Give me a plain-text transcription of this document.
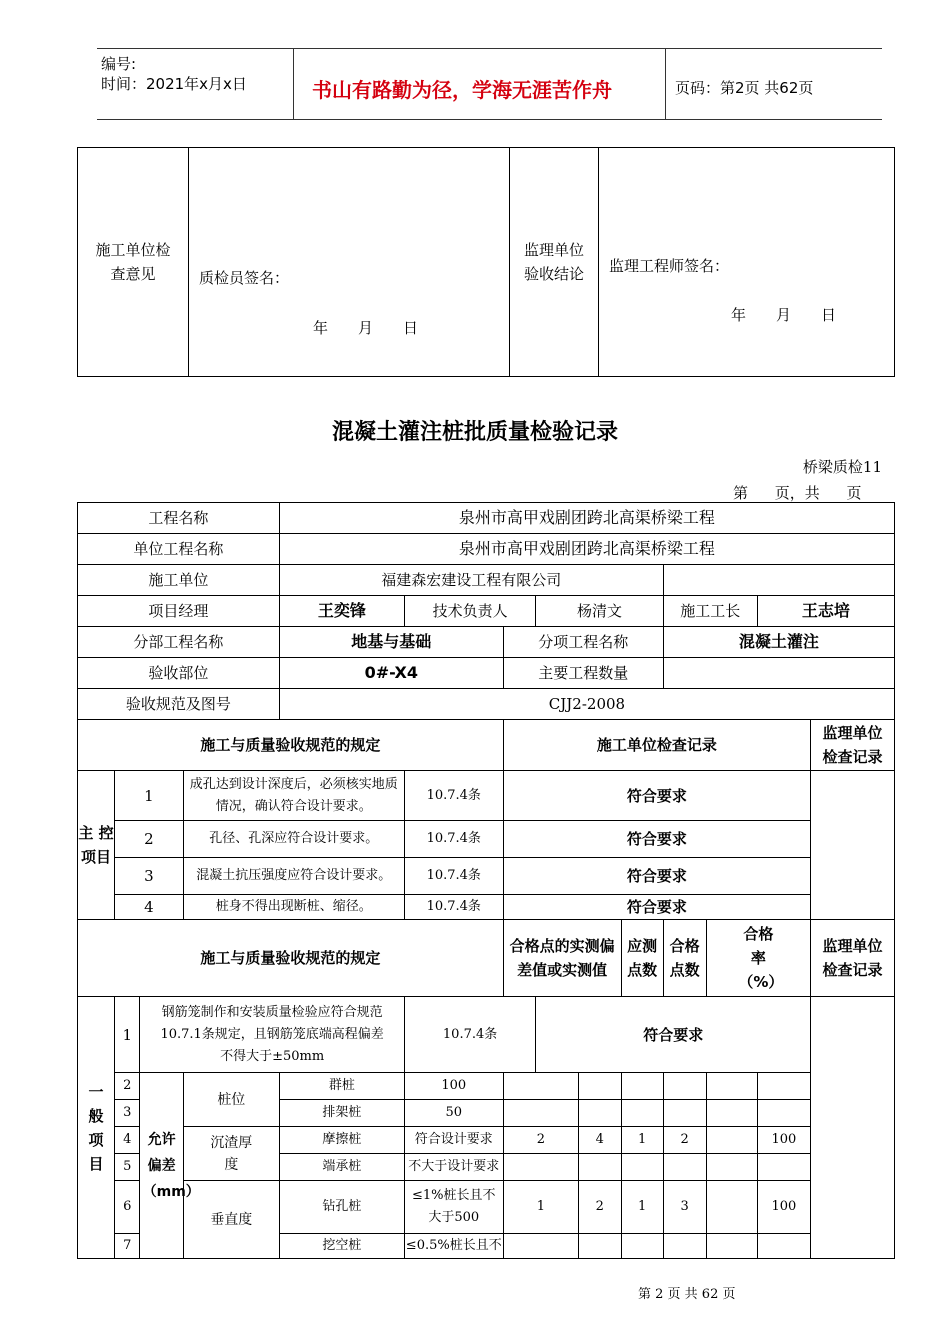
编号:
时间：2021年x月x日	书山有路勤为径，学海无涯苦作舟	页码：第2页 共62页
施工单位检查意见	质检员签名：
年　　月　　日

监理单位验收结论	监理工程师签名：
年　　月　　日
混凝土灌注桩批质量检验记录
桥梁质检11
第 页，共 页
工程名称				泉州市高甲戏剧团跨北高渠桥梁工程									
单位工程名称				泉州市高甲戏剧团跨北高渠桥梁工程									
施工单位				福建森宏建设工程有限公司									
项目经理				王奕锋	技术负责人		杨清文			施工工长		王志培	
分部工程名称				地基与基础		分项工程名称				混凝土灌注			
验收部位				0#-X4		主要工程数量							
验收规范及图号				CJJ2-2008									
施工与质量验收规范的规定						施工单位检查记录							监理单位检查记录

主 控项目	1		成孔达到设计深度后，必须核实地质情况，确认符合设计要求。		10.7.4条	符合要求							
	2		孔径、孔深应符合设计要求。		10.7.4条	符合要求							
	3		混凝土抗压强度应符合设计要求。		10.7.4条	符合要求							
	4		桩身不得出现断桩、缩径。		10.7.4条	符合要求							
施工与质量验收规范的规定						合格点的实测偏差值或实测值			应测点数	合格点数	合格率（%）		监理单位检查记录

一般项目	1	钢筋笼制作和安装质量检验应符合规范10.7.1条规定，且钢筋笼底端高程偏差不得大于±50mm			10.7.4条		符合要求						
	2	允许偏差（mm）	桩位	群桩	100								
	3			排架桩	50								
	4		沉渣厚度	摩擦桩	符合设计要求	2		4	1	2		100	
	5			端承桩	不大于设计要求								
	6		垂直度	钻孔桩	≤1%桩长且不大于500	1		2	1	3		100	
	7			挖空桩	≤0.5%桩长且不								
第 2 页 共 62 页
